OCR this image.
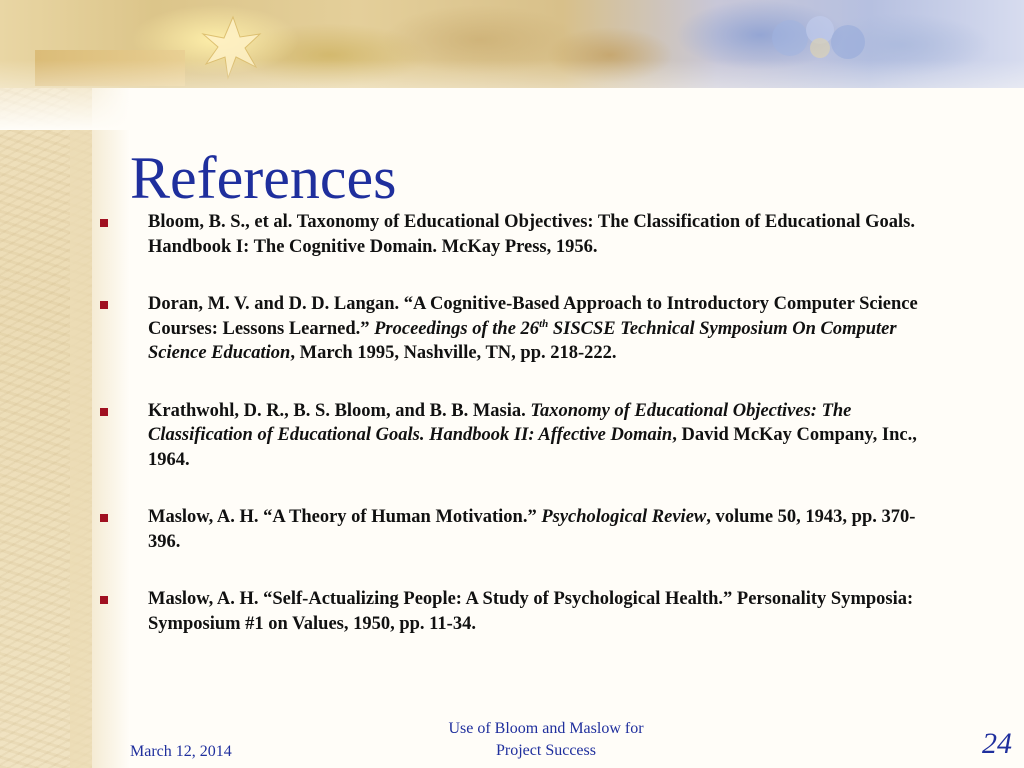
References
Bloom, B. S., et al. Taxonomy of Educational Objectives: The Classification of Educational Goals. Handbook I: The Cognitive Domain. McKay Press, 1956.
Doran, M. V. and D. D. Langan. “A Cognitive-Based Approach to Introductory Computer Science Courses: Lessons Learned.” Proceedings of the 26th SISCSE Technical Symposium On Computer Science Education, March 1995, Nashville, TN, pp. 218-222.
Krathwohl, D. R., B. S. Bloom, and B. B. Masia. Taxonomy of Educational Objectives: The Classification of Educational Goals. Handbook II: Affective Domain, David McKay Company, Inc., 1964.
Maslow, A. H. “A Theory of Human Motivation.” Psychological Review, volume 50, 1943, pp. 370-396.
Maslow, A. H. “Self-Actualizing People: A Study of Psychological Health.” Personality Symposia: Symposium #1 on Values, 1950, pp. 11-34.
March 12, 2014
Use of Bloom and Maslow for
Project Success	24
